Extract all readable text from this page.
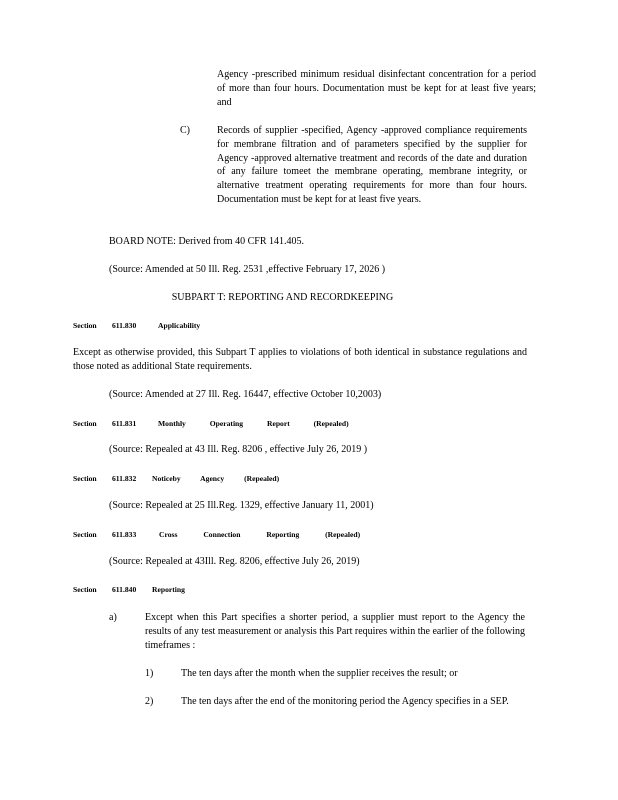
Agency -prescribed minimum residual disinfectant concentration for a period of more than four hours. Documentation must be kept for at least five years; and
C)	Records of supplier -specified, Agency -approved compliance requirements for membrane filtration and of parameters specified by the supplier for Agency -approved alternative treatment and records of the date and duration of any failure tomeet the membrane operating, membrane integrity, or alternative treatment operating requirements for more than four hours. Documentation must be kept for at least five years.
BOARD NOTE: Derived from 40 CFR 141.405.
(Source: Amended at 50 Ill. Reg. 2531 ,effective February 17, 2026 )
SUBPART T: REPORTING AND RECORDKEEPING
Section 611.830	Applicability
Except as otherwise provided, this Subpart T applies to violations of both identical in substance regulations and those noted as additional State requirements.
(Source: Amended at 27 Ill. Reg. 16447, effective October 10,2003)
Section 611.831	Monthly Operating Report (Repealed)
(Source: Repealed at 43 Ill. Reg. 8206 , effective July 26, 2019 )
Section 611.832 Noticeby Agency (Repealed)
(Source: Repealed at 25 Ill.Reg. 1329, effective January 11, 2001)
Section 611.833	Cross Connection Reporting (Repealed)
(Source: Repealed at 43Ill. Reg. 8206, effective July 26, 2019)
Section 611.840 Reporting
a)	Except when this Part specifies a shorter period, a supplier must report to the Agency the results of any test measurement or analysis this Part requires within the earlier of the following timeframes :
1)	The ten days after the month when the supplier receives the result; or
2)	The ten days after the end of the monitoring period the Agency specifies in a SEP.
